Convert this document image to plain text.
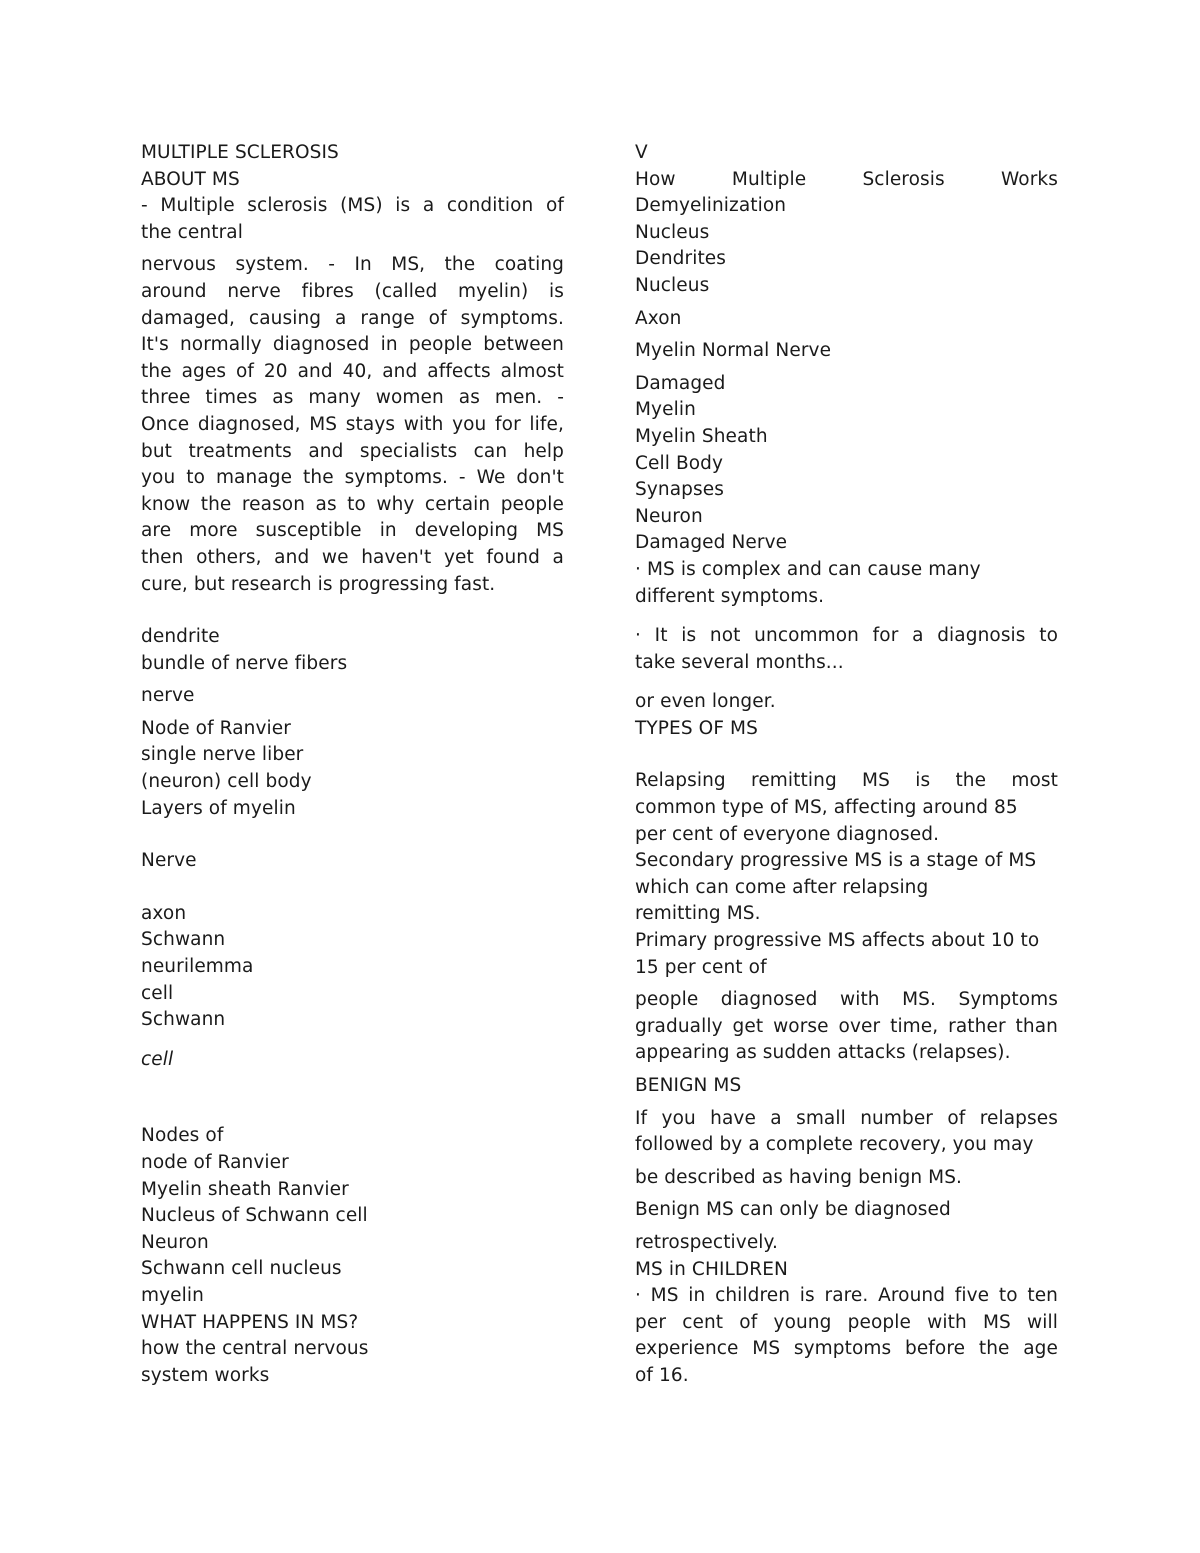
MULTIPLE SCLEROSIS
ABOUT MS
- Multiple sclerosis (MS) is a condition of
the central
nervous system. - In MS, the coating
around nerve fibres (called myelin) is
damaged, causing a range of symptoms.
It's normally diagnosed in people between
the ages of 20 and 40, and affects almost
three times as many women as men. -
Once diagnosed, MS stays with you for life,
but treatments and specialists can help
you to manage the symptoms. - We don't
know the reason as to why certain people
are more susceptible in developing MS
then others, and we haven't yet found a
cure, but research is progressing fast.
dendrite
bundle of nerve fibers
nerve
Node of Ranvier
single nerve liber
(neuron) cell body
Layers of myelin
Nerve
axon
Schwann
neurilemma
cell
Schwann
cell
Nodes of
node of Ranvier
Myelin sheath Ranvier
Nucleus of Schwann cell
Neuron
Schwann cell nucleus
myelin
WHAT HAPPENS IN MS?
how the central nervous
system works
V
How	Multiple	Sclerosis	Works
Demyelinization
Nucleus
Dendrites
Nucleus
Axon
Myelin Normal Nerve
Damaged
Myelin
Myelin Sheath
Cell Body
Synapses
Neuron
Damaged Nerve
· MS is complex and can cause many
different symptoms.
· It is not uncommon for a diagnosis to
take several months...
or even longer.
TYPES OF MS
Relapsing remitting MS is the most
common type of MS, affecting around 85
per cent of everyone diagnosed.
Secondary progressive MS is a stage of MS
which can come after relapsing
remitting MS.
Primary progressive MS affects about 10 to
15 per cent of
people diagnosed with MS. Symptoms
gradually get worse over time, rather than
appearing as sudden attacks (relapses).
BENIGN MS
If you have a small number of relapses
followed by a complete recovery, you may
be described as having benign MS.
Benign MS can only be diagnosed
retrospectively.
MS in CHILDREN
· MS in children is rare. Around five to ten
per cent of young people with MS will
experience MS symptoms before the age
of 16.
